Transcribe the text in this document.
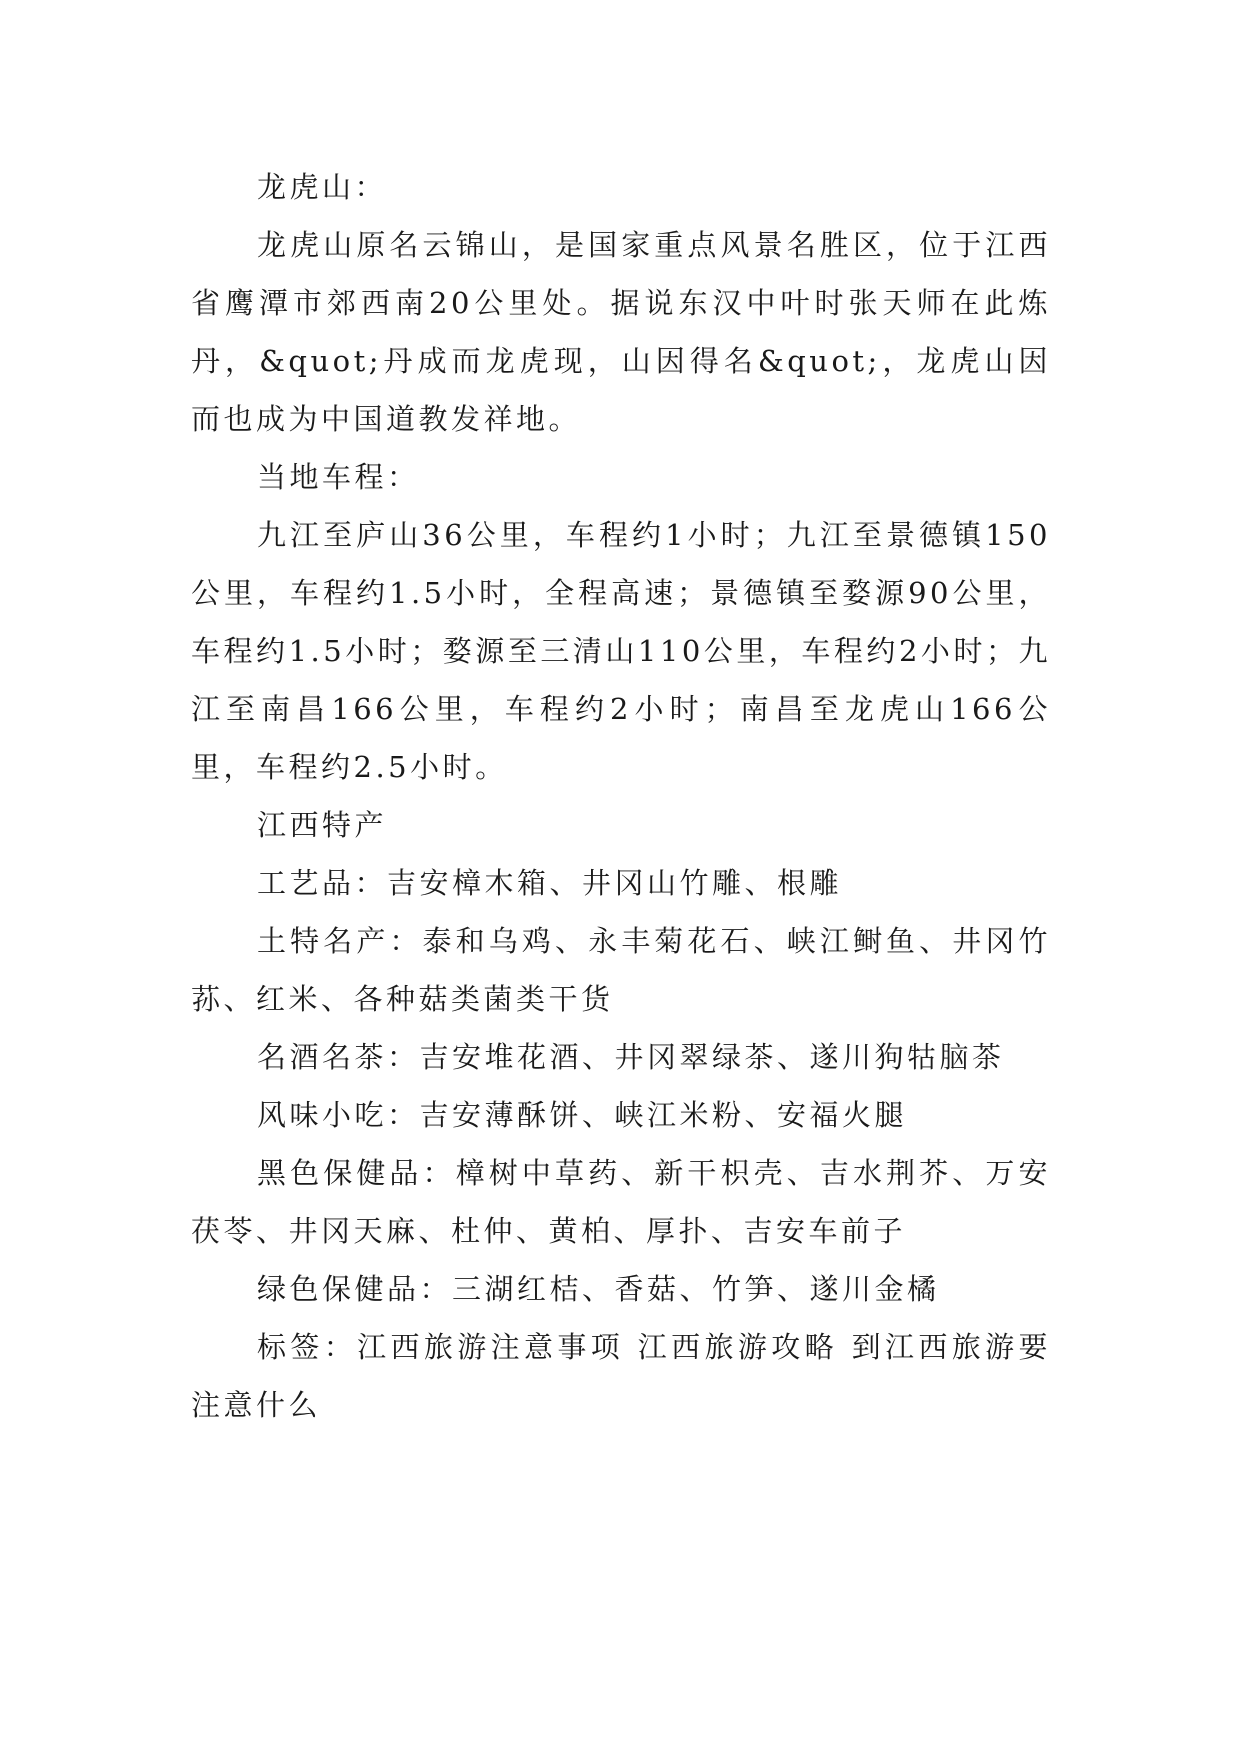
龙虎山：

龙虎山原名云锦山，是国家重点风景名胜区，位于江西省鹰潭市郊西南20公里处。据说东汉中叶时张天师在此炼丹，&quot;丹成而龙虎现，山因得名&quot;，龙虎山因而也成为中国道教发祥地。

当地车程：

九江至庐山36公里，车程约1小时；九江至景德镇150公里，车程约1.5小时，全程高速；景德镇至婺源90公里，车程约1.5小时；婺源至三清山110公里，车程约2小时；九江至南昌166公里，车程约2小时；南昌至龙虎山166公里，车程约2.5小时。

江西特产

工艺品：吉安樟木箱、井冈山竹雕、根雕

土特名产：泰和乌鸡、永丰菊花石、峡江鲥鱼、井冈竹荪、红米、各种菇类菌类干货

名酒名茶：吉安堆花酒、井冈翠绿茶、遂川狗牯脑茶

风味小吃：吉安薄酥饼、峡江米粉、安福火腿

黑色保健品：樟树中草药、新干枳壳、吉水荆芥、万安茯苓、井冈天麻、杜仲、黄柏、厚扑、吉安车前子

绿色保健品：三湖红桔、香菇、竹笋、遂川金橘

标签：江西旅游注意事项 江西旅游攻略 到江西旅游要注意什么
